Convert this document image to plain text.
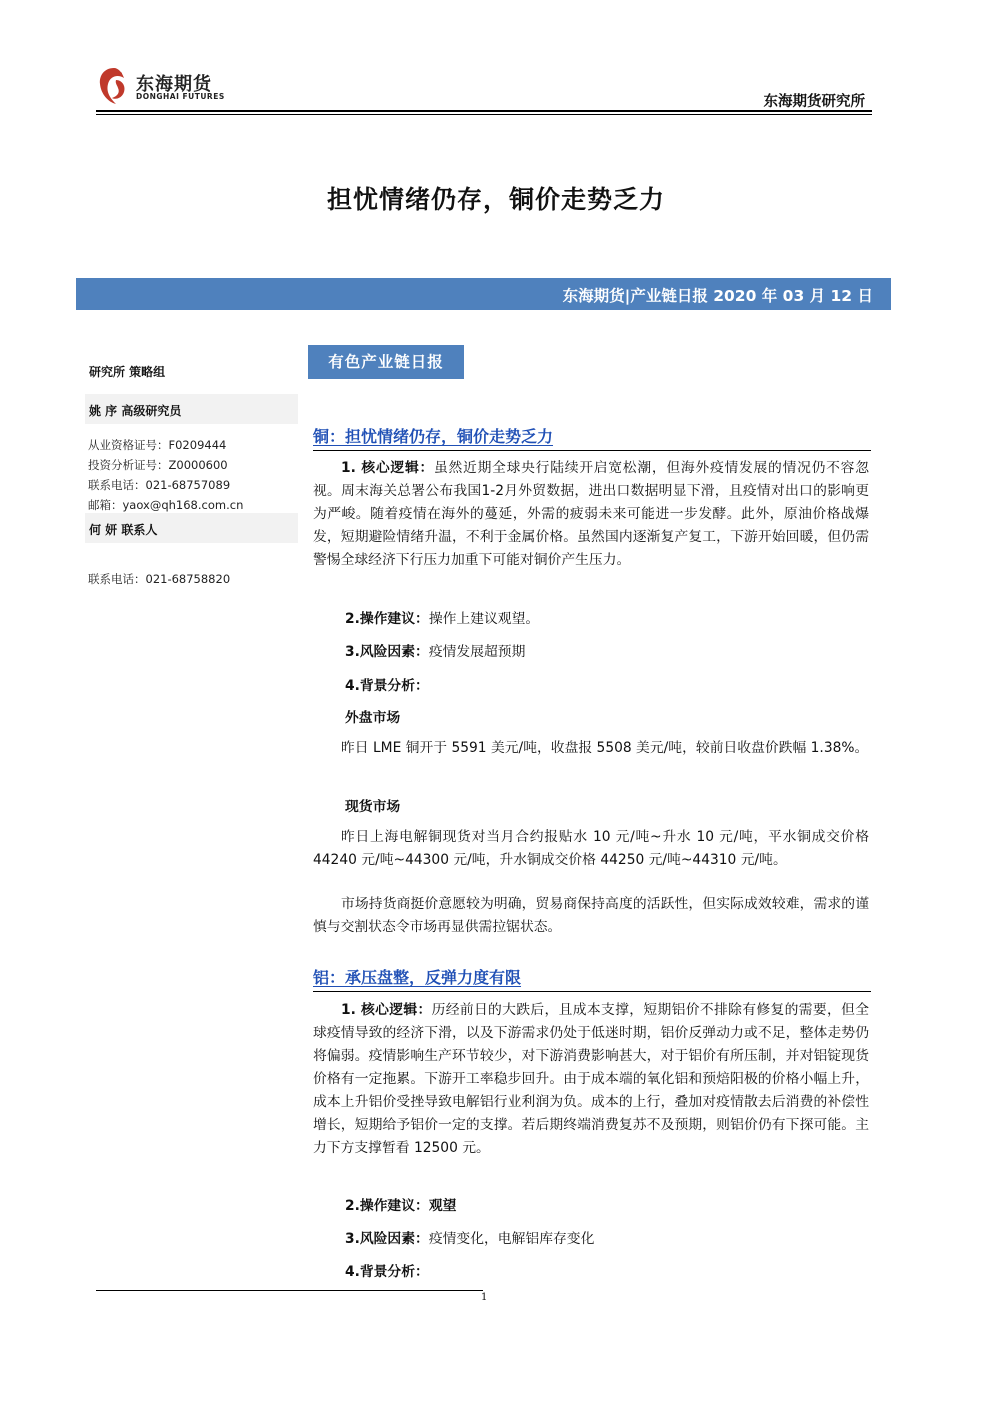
东海期货
DONGHAI FUTURES	东海期货研究所
担忧情绪仍存，铜价走势乏力
东海期货|产业链日报 2020 年 03 月 12 日
研究所 策略组
姚 序 高级研究员
从业资格证号：F0209444
投资分析证号：Z0000600
联系电话：021-68757089
邮箱：yaox@qh168.com.cn
何 妍 联系人
联系电话：021-68758820
有色产业链日报
铜：担忧情绪仍存，铜价走势乏力

1. 核心逻辑：虽然近期全球央行陆续开启宽松潮，但海外疫情发展的情况仍不容忽视。周末海关总署公布我国1-2月外贸数据，进出口数据明显下滑，且疫情对出口的影响更为严峻。随着疫情在海外的蔓延，外需的疲弱未来可能进一步发酵。此外，原油价格战爆发，短期避险情绪升温，不利于金属价格。虽然国内逐渐复产复工，下游开始回暖，但仍需警惕全球经济下行压力加重下可能对铜价产生压力。

2.操作建议：操作上建议观望。
3.风险因素：疫情发展超预期
4.背景分析：
外盘市场

昨日 LME 铜开于 5591 美元/吨，收盘报 5508 美元/吨，较前日收盘价跌幅 1.38%。

现货市场

昨日上海电解铜现货对当月合约报贴水 10 元/吨~升水 10 元/吨，平水铜成交价格 44240 元/吨~44300 元/吨，升水铜成交价格 44250 元/吨~44310 元/吨。

市场持货商挺价意愿较为明确，贸易商保持高度的活跃性，但实际成效较难，需求的谨慎与交割状态令市场再显供需拉锯状态。

铝：承压盘整，反弹力度有限

1. 核心逻辑：历经前日的大跌后，且成本支撑，短期铝价不排除有修复的需要，但全球疫情导致的经济下滑，以及下游需求仍处于低迷时期，铝价反弹动力或不足，整体走势仍将偏弱。疫情影响生产环节较少，对下游消费影响甚大，对于铝价有所压制，并对铝锭现货价格有一定拖累。下游开工率稳步回升。由于成本端的氧化铝和预焙阳极的价格小幅上升，成本上升铝价受挫导致电解铝行业利润为负。成本的上行，叠加对疫情散去后消费的补偿性增长，短期给予铝价一定的支撑。若后期终端消费复苏不及预期，则铝价仍有下探可能。主力下方支撑暂看 12500 元。

2.操作建议：观望
3.风险因素：疫情变化，电解铝库存变化
4.背景分析：
1
